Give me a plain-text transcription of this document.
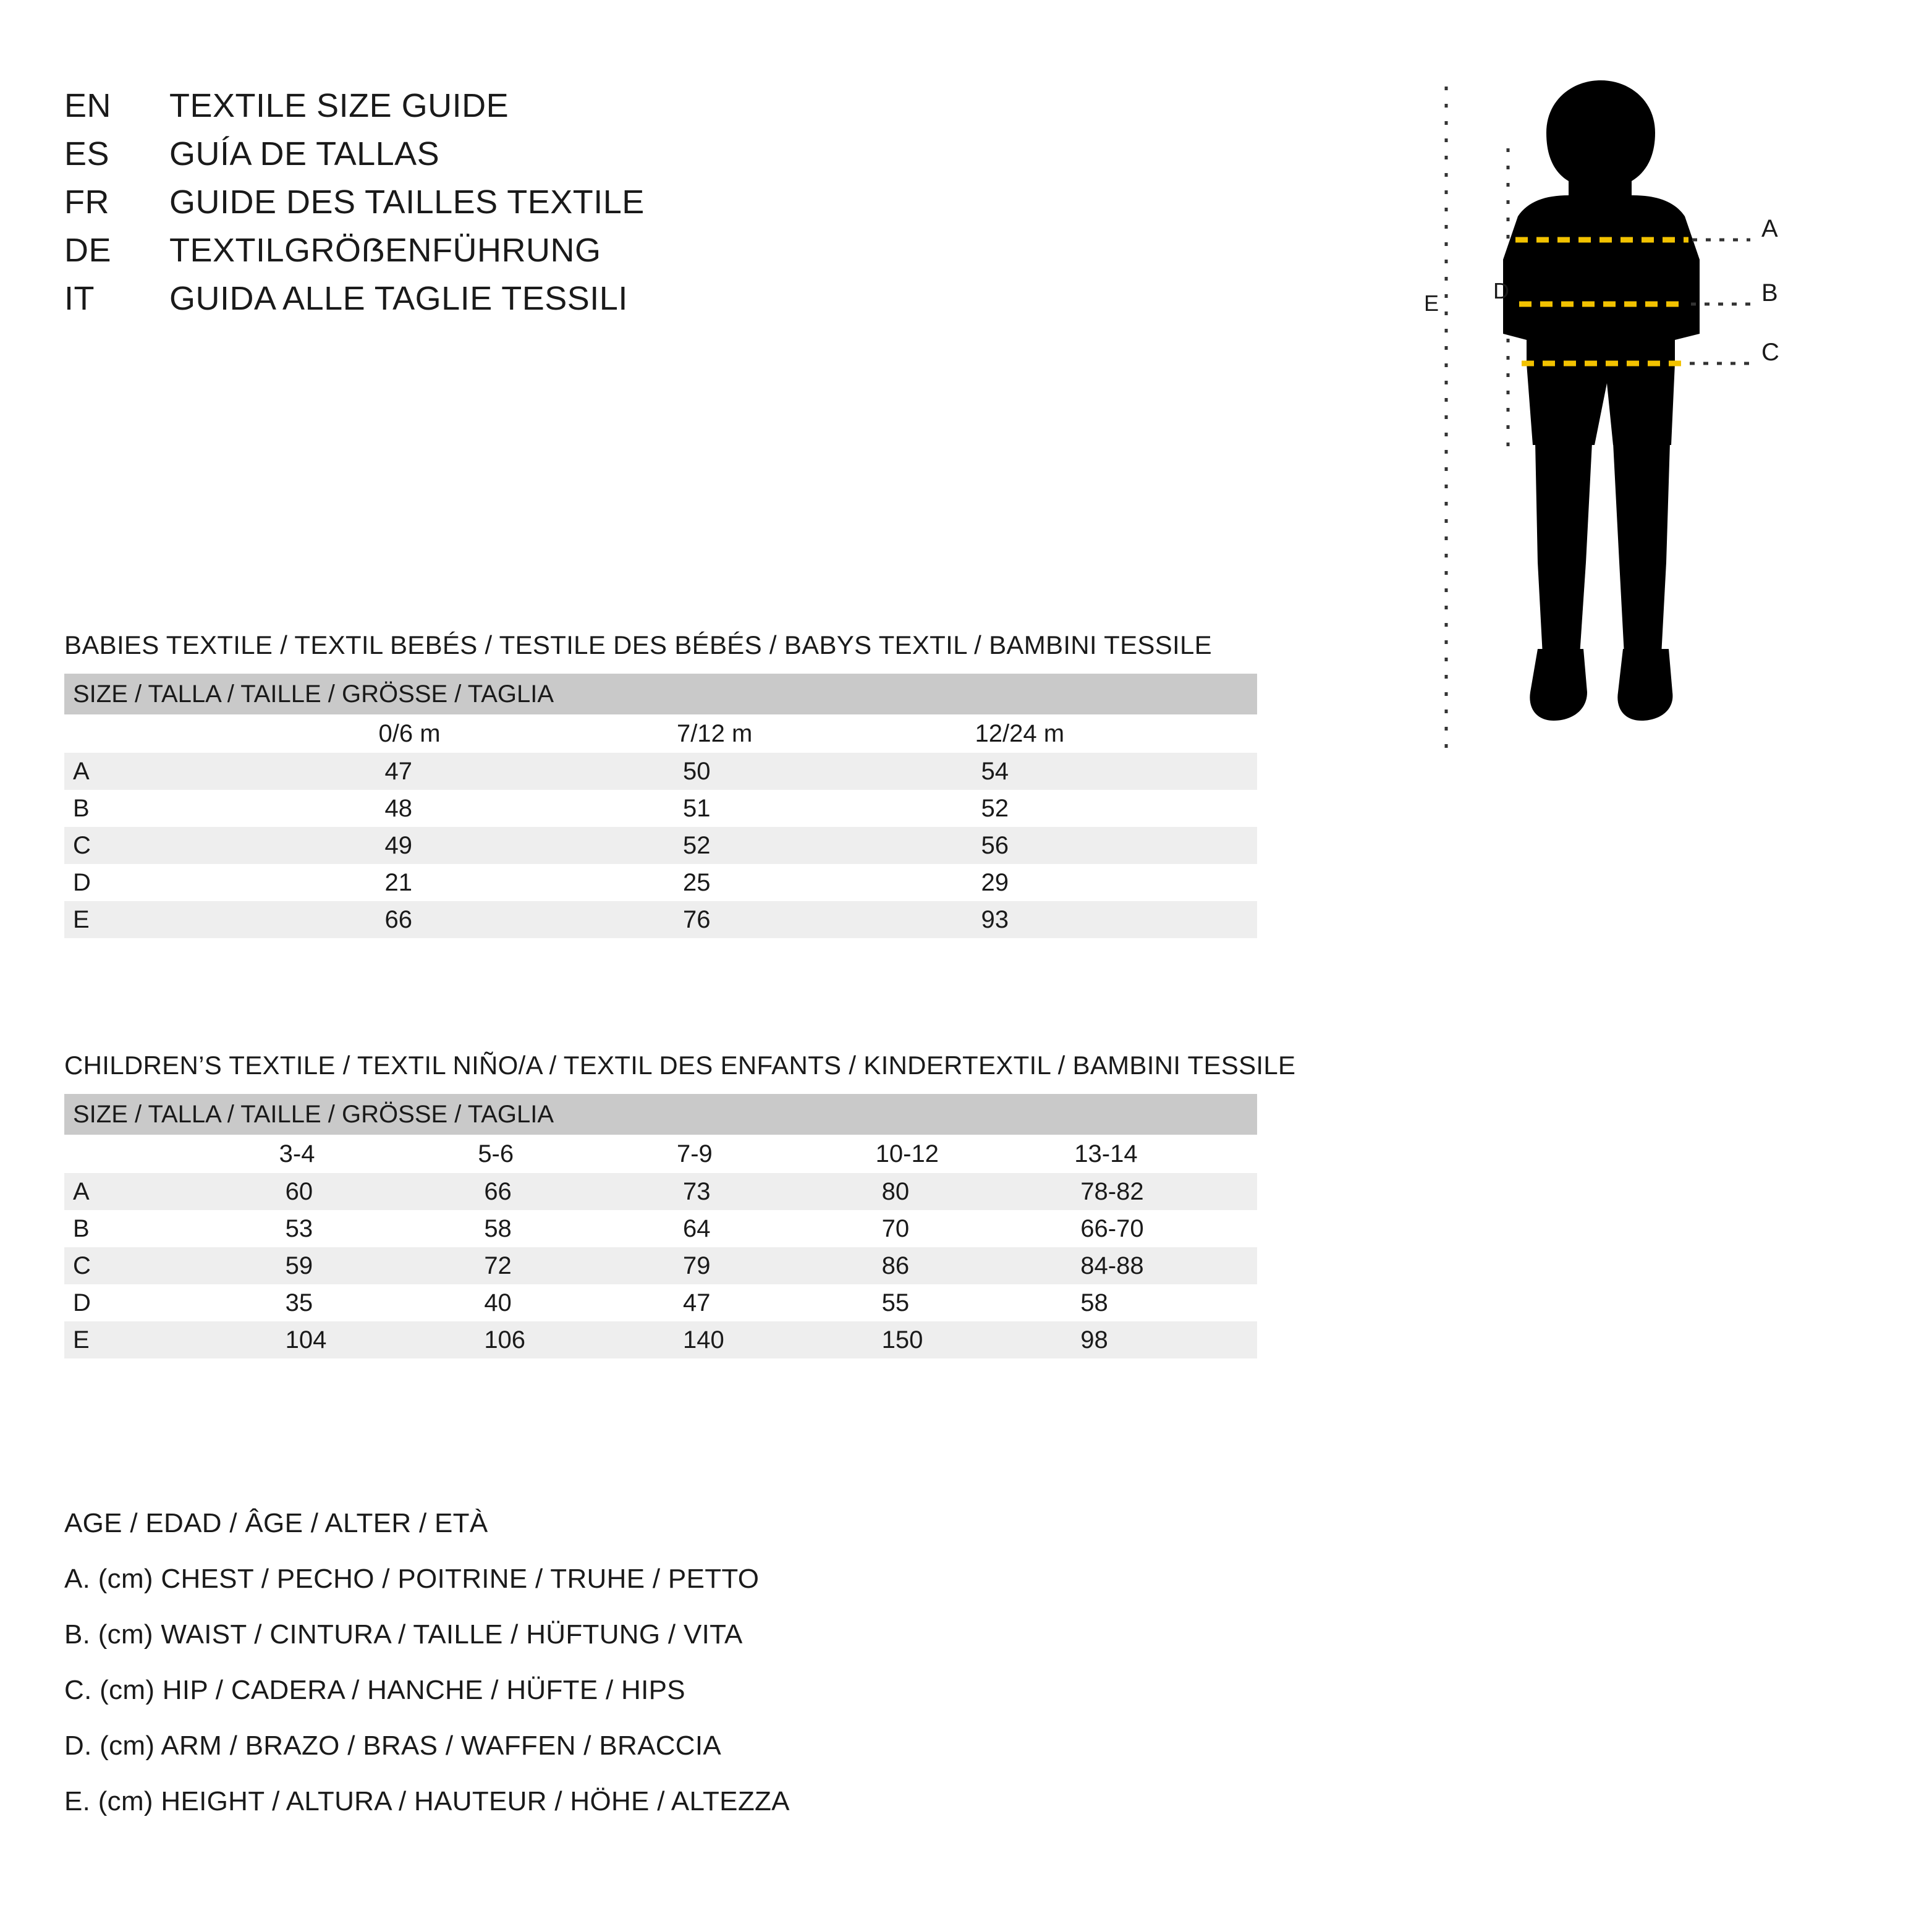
EN	TEXTILE SIZE GUIDE
ES	GUÍA DE TALLAS
FR	GUIDE DES TAILLES TEXTILE
DE	TEXTILGRÖẞENFÜHRUNG
IT	GUIDA ALLE TAGLIE TESSILI
A
B
C
D
E
BABIES TEXTILE / TEXTIL BEBÉS / TESTILE DES BÉBÉS / BABYS TEXTIL / BAMBINI TESSILE
SIZE / TALLA / TAILLE / GRÖSSE / TAGLIA			

	0/6 m	7/12 m	12/24 m

A	47	50	54

B	48	51	52

C	49	52	56

D	21	25	29

E	66	76	93
CHILDREN’S TEXTILE / TEXTIL NIÑO/A / TEXTIL DES ENFANTS / KINDERTEXTIL / BAMBINI TESSILE
SIZE / TALLA / TAILLE / GRÖSSE / TAGLIA					

	3-4	5-6	7-9	10-12	13-14

A	60	66	73	80	78-82

B	53	58	64	70	66-70

C	59	72	79	86	84-88

D	35	40	47	55	58

E	104	106	140	150	98
AGE / EDAD / ÂGE / ALTER / ETÀ
A. (cm) CHEST / PECHO / POITRINE / TRUHE / PETTO
B. (cm) WAIST / CINTURA / TAILLE / HÜFTUNG / VITA
C. (cm) HIP / CADERA / HANCHE / HÜFTE / HIPS
D. (cm) ARM / BRAZO / BRAS / WAFFEN / BRACCIA
E. (cm) HEIGHT / ALTURA / HAUTEUR / HÖHE / ALTEZZA
